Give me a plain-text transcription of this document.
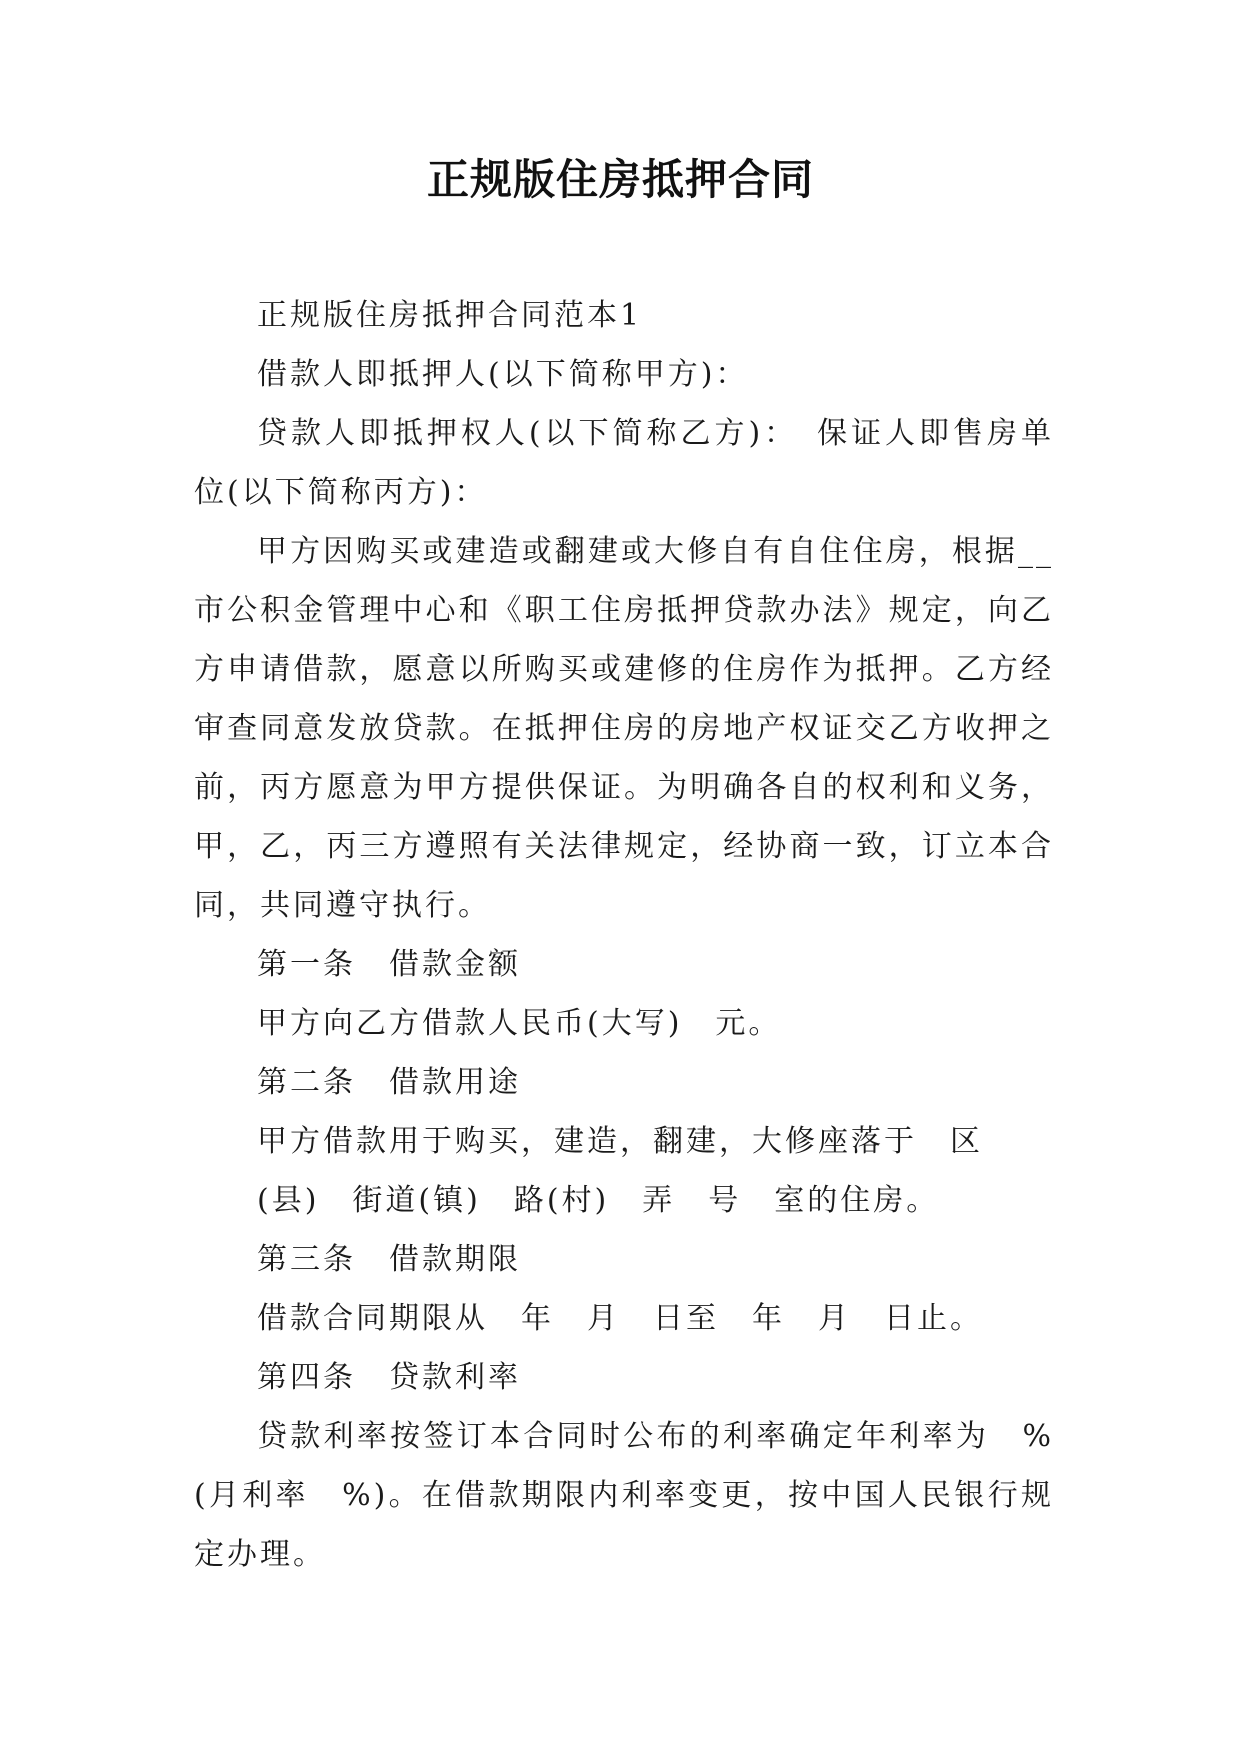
正规版住房抵押合同

正规版住房抵押合同范本1

借款人即抵押人(以下简称甲方)：

贷款人即抵押权人(以下简称乙方)：　保证人即售房单位(以下简称丙方)：

甲方因购买或建造或翻建或大修自有自住住房，根据__市公积金管理中心和《职工住房抵押贷款办法》规定，向乙方申请借款，愿意以所购买或建修的住房作为抵押。乙方经审查同意发放贷款。在抵押住房的房地产权证交乙方收押之前，丙方愿意为甲方提供保证。为明确各自的权利和义务，甲，乙，丙三方遵照有关法律规定，经协商一致，订立本合同，共同遵守执行。

第一条　借款金额

甲方向乙方借款人民币(大写)　元。

第二条　借款用途

甲方借款用于购买，建造，翻建，大修座落于　区

(县)　街道(镇)　路(村)　弄　号　室的住房。

第三条　借款期限

借款合同期限从　年　月　日至　年　月　日止。

第四条　贷款利率

贷款利率按签订本合同时公布的利率确定年利率为　%(月利率　%)。在借款期限内利率变更，按中国人民银行规定办理。
